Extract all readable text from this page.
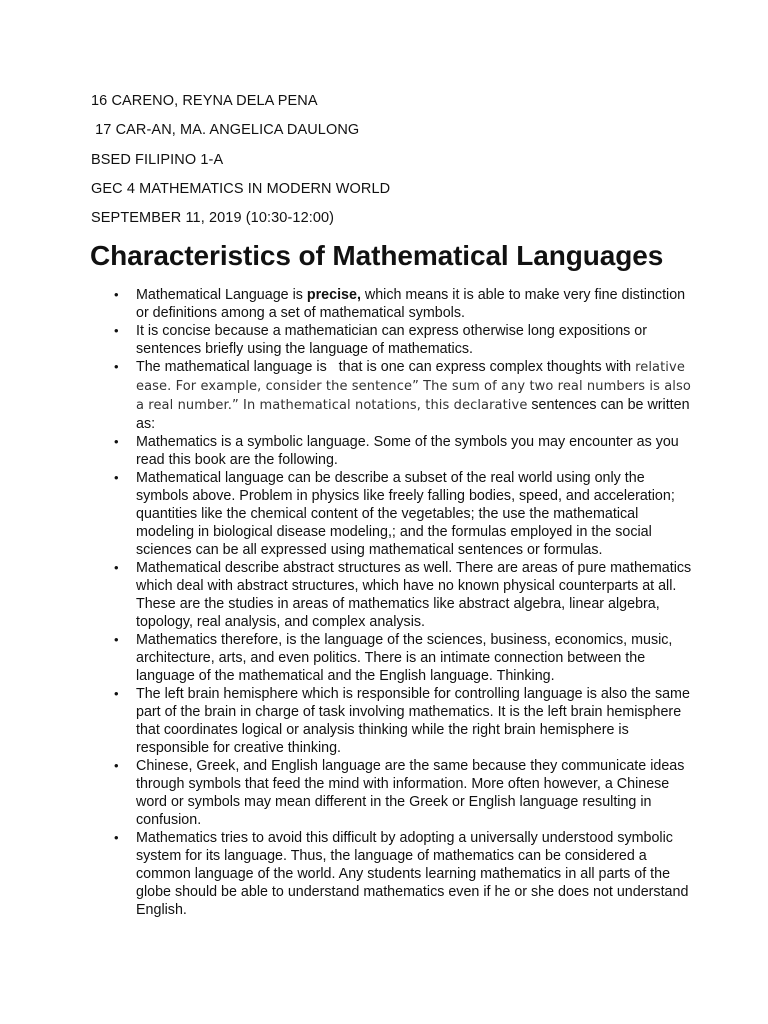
16 CARENO, REYNA DELA PENA
17 CAR-AN, MA. ANGELICA DAULONG
BSED FILIPINO 1-A
GEC 4 MATHEMATICS IN MODERN WORLD
SEPTEMBER 11, 2019 (10:30-12:00)
Characteristics of Mathematical Languages
• Mathematical Language is precise, which means it is able to make very fine distinction or definitions among a set of mathematical symbols.
• It is concise because a mathematician can express otherwise long expositions or sentences briefly using the language of mathematics.
• The mathematical language is   that is one can express complex thoughts with relative ease. For example, consider the sentence” The sum of any two real numbers is also a real number.” In mathematical notations, this declarative sentences can be written as:
• Mathematics is a symbolic language. Some of the symbols you may encounter as you read this book are the following.
• Mathematical language can be describe a subset of the real world using only the symbols above. Problem in physics like freely falling bodies, speed, and acceleration; quantities like the chemical content of the vegetables; the use the mathematical modeling in biological disease modeling,; and the formulas employed in the social sciences can be all expressed using mathematical sentences or formulas.
• Mathematical describe abstract structures as well. There are areas of pure mathematics which deal with abstract structures, which have no known physical counterparts at all. These are the studies in areas of mathematics like abstract algebra, linear algebra, topology, real analysis, and complex analysis.
• Mathematics therefore, is the language of the sciences, business, economics, music, architecture, arts, and even politics. There is an intimate connection between the language of the mathematical and the English language. Thinking.
• The left brain hemisphere which is responsible for controlling language is also the same part of the brain in charge of task involving mathematics. It is the left brain hemisphere that coordinates logical or analysis thinking while the right brain hemisphere is responsible for creative thinking.
• Chinese, Greek, and English language are the same because they communicate ideas through symbols that feed the mind with information. More often however, a Chinese word or symbols may mean different in the Greek or English language resulting in confusion.
• Mathematics tries to avoid this difficult by adopting a universally understood symbolic system for its language. Thus, the language of mathematics can be considered a common language of the world. Any students learning mathematics in all parts of the globe should be able to understand mathematics even if he or she does not understand English.
